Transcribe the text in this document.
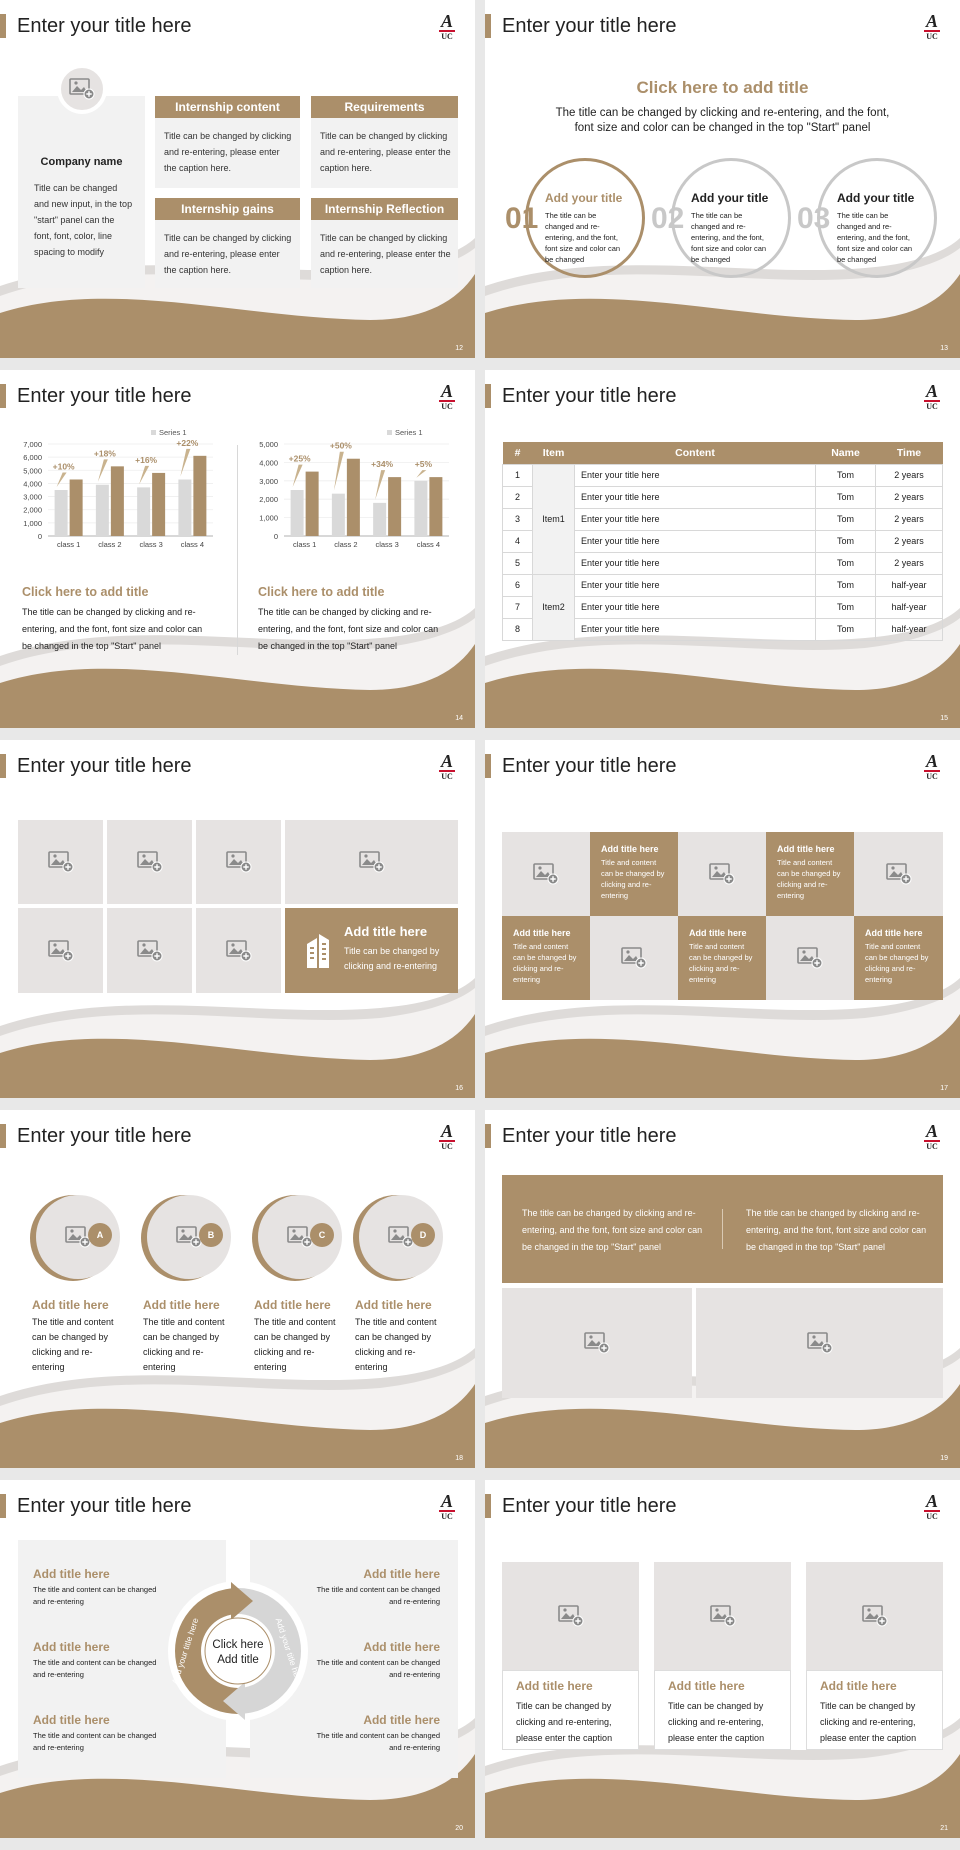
Enter your title here	A
UC
Company name
Title can be changed and new input, in the top "start" panel can the font, font, color, line spacing to modify
Internship content
Title can be changed by clicking and re-entering, please enter the caption here.
Requirements
Title can be changed by clicking and re-entering, please enter the caption here.
Internship gains
Title can be changed by clicking and re-entering, please enter the caption here.
Internship Reflection
Title can be changed by clicking and re-entering, please enter the caption here.
12
Enter your title here	A
UC
Click here to add title
The title can be changed by clicking and re-entering, and the font, font size and color can be changed in the top "Start" panel
01
Add your title
The title can be changed and re-entering, and the font, font size and color can be changed
02
Add your title
The title can be changed and re-entering, and the font, font size and color can be changed
03
Add your title
The title can be changed and re-entering, and the font, font size and color can be changed
13
Enter your title here	A
UC
0
1,000
2,000
3,000
4,000
5,000
6,000
7,000
Series 1
class 1
+10%
class 2
+18%
class 3
+16%
class 4
+22%
0
1,000
2,000
3,000
4,000
5,000
Series 1
class 1
+25%
class 2
+50%
class 3
+34%
class 4
+5%
Click here to add title
The title can be changed by clicking and re-entering, and the font, font size and color can be changed in the top "Start" panel
Click here to add title
The title can be changed by clicking and re-entering, and the font, font size and color can be changed in the top "Start" panel
14
Enter your title here	A
UC
#	Item	Content	Name	Time
1	Item1	Enter your title here	Tom	2 years
2		Enter your title here	Tom	2 years
3		Enter your title here	Tom	2 years
4		Enter your title here	Tom	2 years
5		Enter your title here	Tom	2 years
6	Item2	Enter your title here	Tom	half-year
7		Enter your title here	Tom	half-year
8		Enter your title here	Tom	half-year
15
Enter your title here	A
UC
Add title here
Title can be changed by clicking and re-entering
16
Enter your title here	A
UC
Add title here
Title and content can be changed by clicking and re-entering
Add title here
Title and content can be changed by clicking and re-entering
Add title here
Title and content can be changed by clicking and re-entering
Add title here
Title and content can be changed by clicking and re-entering
Add title here
Title and content can be changed by clicking and re-entering
17
Enter your title here	A
UC
A
Add title here
The title and content can be changed by clicking and re-entering
B
Add title here
The title and content can be changed by clicking and re-entering
C
Add title here
The title and content can be changed by clicking and re-entering
D
Add title here
The title and content can be changed by clicking and re-entering
18
Enter your title here	A
UC
The title can be changed by clicking and re-entering, and the font, font size and color can be changed in the top "Start" panel
The title can be changed by clicking and re-entering, and the font, font size and color can be changed in the top "Start" panel
19
Enter your title here	A
UC
Add title here
The title and content can be changed and re-entering
Add title here
The title and content can be changed and re-entering
Add title here
The title and content can be changed and re-entering
Add title here
The title and content can be changed and re-entering
Add title here
The title and content can be changed and re-entering
Add title here
The title and content can be changed and re-entering
Click here Add title
Add your title here	Add your title here
20
Enter your title here	A
UC
Add title here
Title can be changed by clicking and re-entering, please enter the caption
Add title here
Title can be changed by clicking and re-entering, please enter the caption
Add title here
Title can be changed by clicking and re-entering, please enter the caption
21
